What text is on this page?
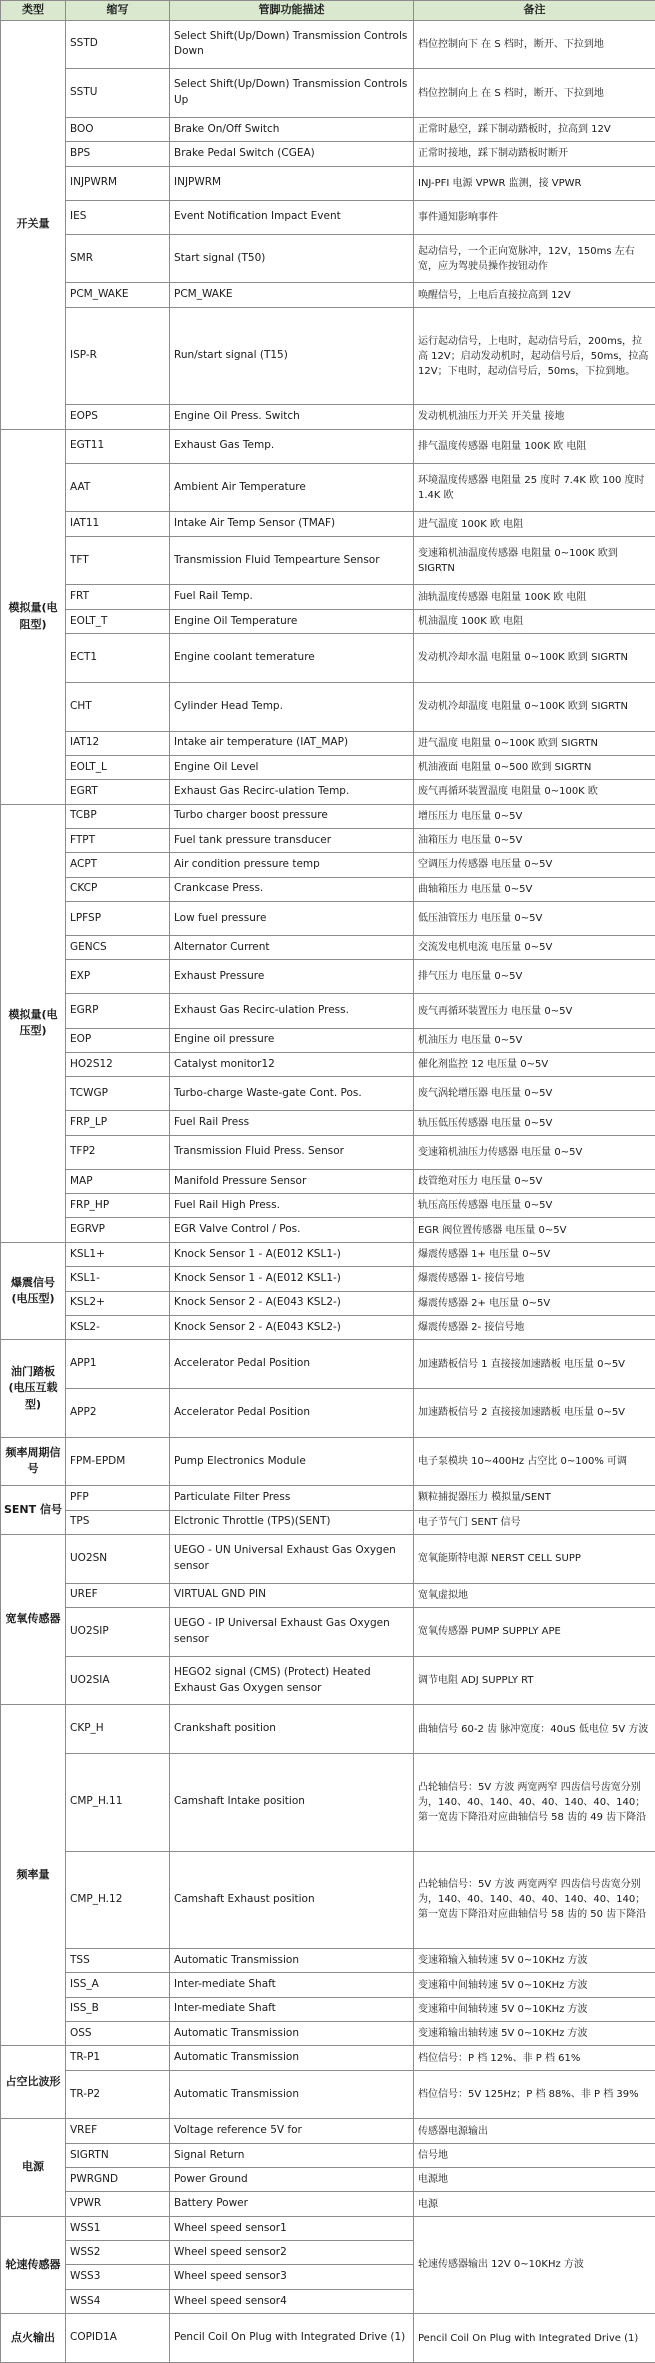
类型	缩写	管脚功能描述	备注
开关量	SSTD	Select Shift(Up/Down) Transmission Controls Down	档位控制向下 在 S 档时，断开、下拉到地
	SSTU	Select Shift(Up/Down) Transmission Controls Up	档位控制向上 在 S 档时，断开、下拉到地
	BOO	Brake On/Off Switch	正常时悬空，踩下制动踏板时，拉高到 12V
	BPS	Brake Pedal Switch (CGEA)	正常时接地，踩下制动踏板时断开
	INJPWRM	INJPWRM	INJ-PFI 电源 VPWR 监测，接 VPWR
	IES	Event Notification Impact Event	事件通知影响事件
	SMR	Start signal (T50)	起动信号，一个正向宽脉冲，12V，150ms 左右宽，应为驾驶员操作按钮动作
	PCM_WAKE	PCM_WAKE	唤醒信号，上电后直接拉高到 12V
	ISP-R	Run/start signal (T15)	运行起动信号，上电时，起动信号后，200ms，拉高 12V；启动发动机时，起动信号后，50ms，拉高 12V；下电时，起动信号后，50ms，下拉到地。
	EOPS	Engine Oil Press. Switch	发动机机油压力开关 开关量 接地
模拟量(电阻型)	EGT11	Exhaust Gas Temp.	排气温度传感器 电阻量 100K 欧 电阻
	AAT	Ambient Air Temperature	环境温度传感器 电阻量 25 度时 7.4K 欧 100 度时 1.4K 欧
	IAT11	Intake Air Temp Sensor (TMAF)	进气温度 100K 欧 电阻
	TFT	Transmission Fluid Tempearture Sensor	变速箱机油温度传感器 电阻量 0~100K 欧到 SIGRTN
	FRT	Fuel Rail Temp.	油轨温度传感器 电阻量 100K 欧 电阻
	EOLT_T	Engine Oil Temperature	机油温度 100K 欧 电阻
	ECT1	Engine coolant temerature	发动机冷却水温 电阻量 0~100K 欧到 SIGRTN
	CHT	Cylinder Head Temp.	发动机冷却温度 电阻量 0~100K 欧到 SIGRTN
	IAT12	Intake air temperature (IAT_MAP)	进气温度 电阻量 0~100K 欧到 SIGRTN
	EOLT_L	Engine Oil Level	机油液面 电阻量 0~500 欧到 SIGRTN
	EGRT	Exhaust Gas Recirc-ulation Temp.	废气再循环装置温度 电阻量 0~100K 欧
模拟量(电压型)	TCBP	Turbo charger boost pressure	增压压力 电压量 0~5V
	FTPT	Fuel tank pressure transducer	油箱压力 电压量 0~5V
	ACPT	Air condition pressure temp	空调压力传感器 电压量 0~5V
	CKCP	Crankcase Press.	曲轴箱压力 电压量 0~5V
	LPFSP	Low fuel pressure	低压油管压力 电压量 0~5V
	GENCS	Alternator Current	交流发电机电流 电压量 0~5V
	EXP	Exhaust Pressure	排气压力 电压量 0~5V
	EGRP	Exhaust Gas Recirc-ulation Press.	废气再循环装置压力 电压量 0~5V
	EOP	Engine oil pressure	机油压力 电压量 0~5V
	HO2S12	Catalyst monitor12	催化剂监控 12 电压量 0~5V
	TCWGP	Turbo-charge Waste-gate Cont. Pos.	废气涡轮增压器 电压量 0~5V
	FRP_LP	Fuel Rail Press	轨压低压传感器 电压量 0~5V
	TFP2	Transmission Fluid Press. Sensor	变速箱机油压力传感器 电压量 0~5V
	MAP	Manifold Pressure Sensor	歧管绝对压力 电压量 0~5V
	FRP_HP	Fuel Rail High Press.	轨压高压传感器 电压量 0~5V
	EGRVP	EGR Valve Control / Pos.	EGR 阀位置传感器 电压量 0~5V
爆震信号(电压型)	KSL1+	Knock Sensor 1 - A(E012 KSL1-)	爆震传感器 1+ 电压量 0~5V
	KSL1-	Knock Sensor 1 - A(E012 KSL1-)	爆震传感器 1- 接信号地
	KSL2+	Knock Sensor 2 - A(E043 KSL2-)	爆震传感器 2+ 电压量 0~5V
	KSL2-	Knock Sensor 2 - A(E043 KSL2-)	爆震传感器 2- 接信号地
油门踏板(电压互载型)	APP1	Accelerator Pedal Position	加速踏板信号 1 直接接加速踏板 电压量 0~5V
	APP2	Accelerator Pedal Position	加速踏板信号 2 直接接加速踏板 电压量 0~5V
频率周期信号	FPM-EPDM	Pump Electronics Module	电子泵模块 10~400Hz 占空比 0~100% 可调
SENT 信号	PFP	Particulate Filter Press	颗粒捕捉器压力 模拟量/SENT
	TPS	Elctronic Throttle (TPS)(SENT)	电子节气门 SENT 信号
宽氧传感器	UO2SN	UEGO - UN Universal Exhaust Gas Oxygen sensor	宽氧能斯特电源 NERST CELL SUPP
	UREF	VIRTUAL GND PIN	宽氧虚拟地
	UO2SIP	UEGO - IP Universal Exhaust Gas Oxygen sensor	宽氧传感器 PUMP SUPPLY APE
	UO2SIA	HEGO2 signal (CMS) (Protect) Heated Exhaust Gas Oxygen sensor	调节电阻 ADJ SUPPLY RT
频率量	CKP_H	Crankshaft position	曲轴信号 60-2 齿 脉冲宽度：40uS 低电位 5V 方波
	CMP_H.11	Camshaft Intake position	凸轮轴信号：5V 方波 两宽两窄 四齿信号齿宽分别为，140、40、140、40、40、140、40、140；第一宽齿下降沿对应曲轴信号 58 齿的 49 齿下降沿
	CMP_H.12	Camshaft Exhaust position	凸轮轴信号：5V 方波 两宽两窄 四齿信号齿宽分别为，140、40、140、40、40、140、40、140；第一宽齿下降沿对应曲轴信号 58 齿的 50 齿下降沿
	TSS	Automatic Transmission	变速箱输入轴转速 5V 0~10KHz 方波
	ISS_A	Inter-mediate Shaft	变速箱中间轴转速 5V 0~10KHz 方波
	ISS_B	Inter-mediate Shaft	变速箱中间轴转速 5V 0~10KHz 方波
	OSS	Automatic Transmission	变速箱输出轴转速 5V 0~10KHz 方波
占空比波形	TR-P1	Automatic Transmission	档位信号：P 档 12%、非 P 档 61%
	TR-P2	Automatic Transmission	档位信号：5V 125Hz；P 档 88%、非 P 档 39%
电源	VREF	Voltage reference 5V for	传感器电源输出
	SIGRTN	Signal Return	信号地
	PWRGND	Power Ground	电源地
	VPWR	Battery Power	电源
轮速传感器	WSS1	Wheel speed sensor1	轮速传感器输出 12V 0~10KHz 方波
	WSS2	Wheel speed sensor2	
	WSS3	Wheel speed sensor3	
	WSS4	Wheel speed sensor4	
点火输出	COPID1A	Pencil Coil On Plug with Integrated Drive (1)	Pencil Coil On Plug with Integrated Drive (1)
